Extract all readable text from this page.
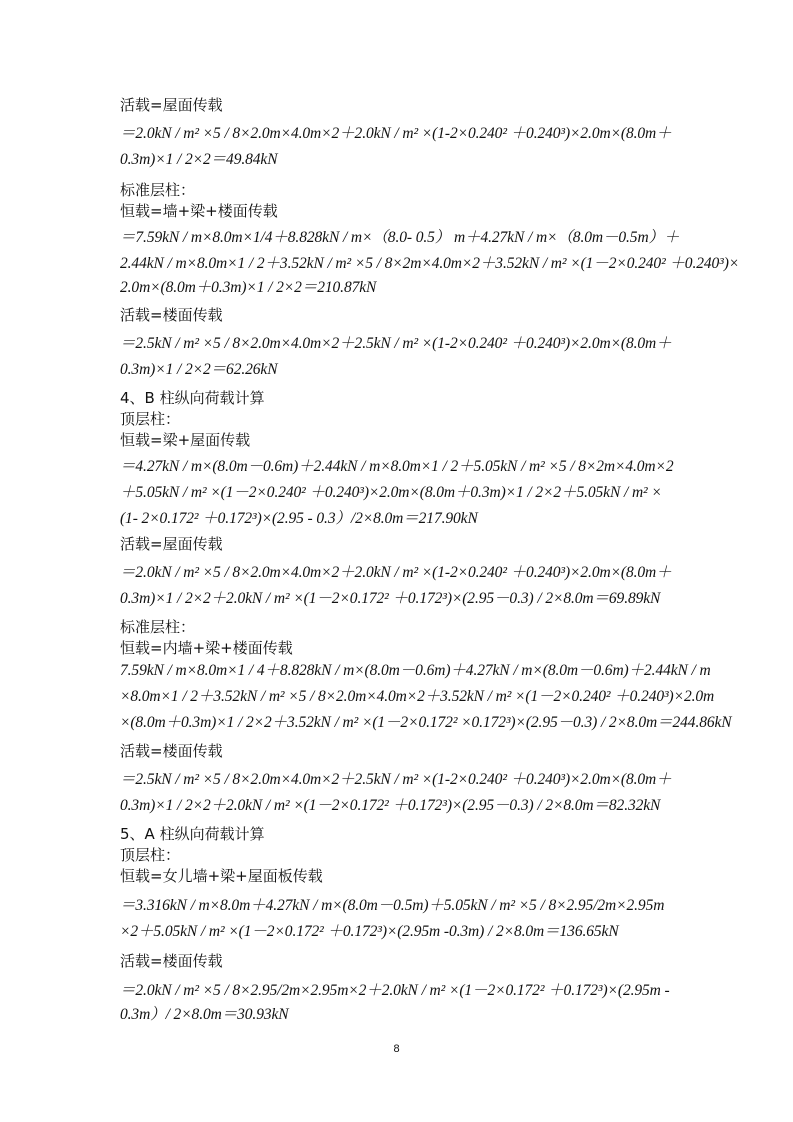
活载=屋面传载
＝2.0kN / m² ×5 / 8×2.0m×4.0m×2＋2.0kN / m² ×(1-2×0.240² ＋0.240³)×2.0m×(8.0m＋
0.3m)×1 / 2×2＝49.84kN
标准层柱：
恒载=墙+梁+楼面传载
＝7.59kN / m×8.0m×1/4＋8.828kN / m×（8.0- 0.5） m＋4.27kN / m×（8.0m－0.5m）＋
2.44kN / m×8.0m×1 / 2＋3.52kN / m² ×5 / 8×2m×4.0m×2＋3.52kN / m² ×(1－2×0.240² ＋0.240³)×
2.0m×(8.0m＋0.3m)×1 / 2×2＝210.87kN
活载=楼面传载
＝2.5kN / m² ×5 / 8×2.0m×4.0m×2＋2.5kN / m² ×(1-2×0.240² ＋0.240³)×2.0m×(8.0m＋
0.3m)×1 / 2×2＝62.26kN
4、B 柱纵向荷载计算
顶层柱：
恒载=梁+屋面传载
＝4.27kN / m×(8.0m－0.6m)＋2.44kN / m×8.0m×1 / 2＋5.05kN / m² ×5 / 8×2m×4.0m×2
＋5.05kN / m² ×(1－2×0.240² ＋0.240³)×2.0m×(8.0m＋0.3m)×1 / 2×2＋5.05kN / m² ×
(1- 2×0.172² ＋0.172³)×(2.95 - 0.3）/2×8.0m＝217.90kN
活载=屋面传载
＝2.0kN / m² ×5 / 8×2.0m×4.0m×2＋2.0kN / m² ×(1-2×0.240² ＋0.240³)×2.0m×(8.0m＋
0.3m)×1 / 2×2＋2.0kN / m² ×(1－2×0.172² ＋0.172³)×(2.95－0.3) / 2×8.0m＝69.89kN
标准层柱：
恒载=内墙+梁+楼面传载
7.59kN / m×8.0m×1 / 4＋8.828kN / m×(8.0m－0.6m)＋4.27kN / m×(8.0m－0.6m)＋2.44kN / m
×8.0m×1 / 2＋3.52kN / m² ×5 / 8×2.0m×4.0m×2＋3.52kN / m² ×(1－2×0.240² ＋0.240³)×2.0m
×(8.0m＋0.3m)×1 / 2×2＋3.52kN / m² ×(1－2×0.172² ×0.172³)×(2.95－0.3) / 2×8.0m＝244.86kN
活载=楼面传载
＝2.5kN / m² ×5 / 8×2.0m×4.0m×2＋2.5kN / m² ×(1-2×0.240² ＋0.240³)×2.0m×(8.0m＋
0.3m)×1 / 2×2＋2.0kN / m² ×(1－2×0.172² ＋0.172³)×(2.95－0.3) / 2×8.0m＝82.32kN
5、A 柱纵向荷载计算
顶层柱：
恒载=女儿墙+梁+屋面板传载
＝3.316kN / m×8.0m＋4.27kN / m×(8.0m－0.5m)＋5.05kN / m² ×5 / 8×2.95/2m×2.95m
×2＋5.05kN / m² ×(1－2×0.172² ＋0.172³)×(2.95m -0.3m) / 2×8.0m＝136.65kN
活载=楼面传载
＝2.0kN / m² ×5 / 8×2.95/2m×2.95m×2＋2.0kN / m² ×(1－2×0.172² ＋0.172³)×(2.95m -
0.3m）/ 2×8.0m＝30.93kN
8
